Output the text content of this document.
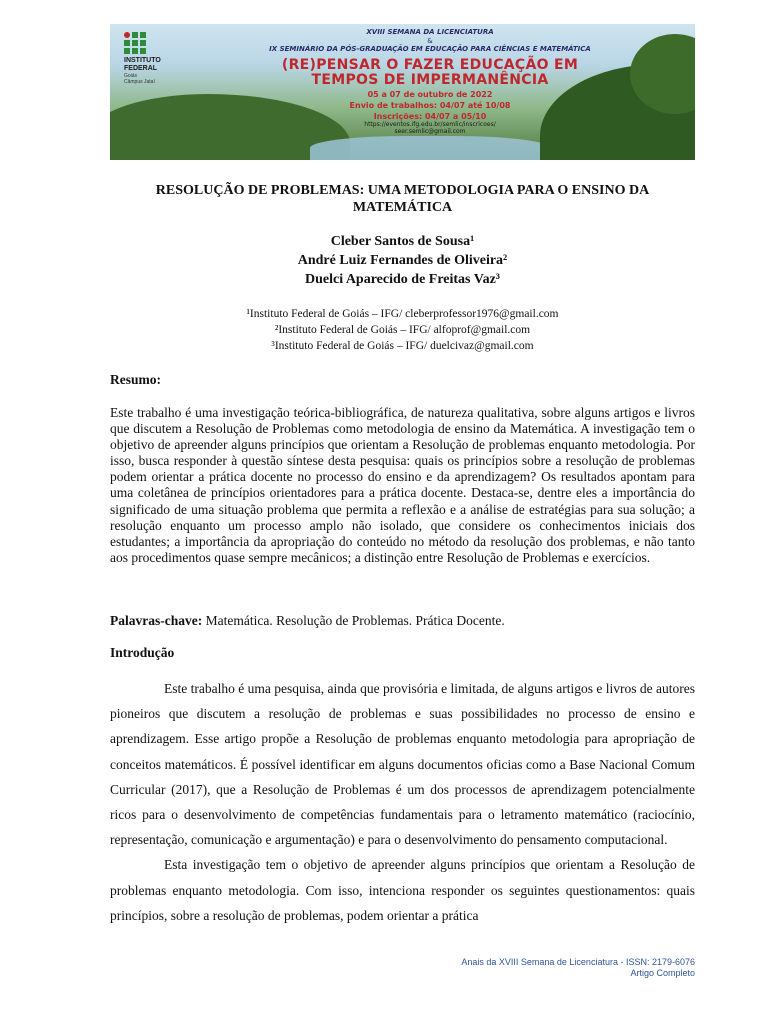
INSTITUTO FEDERAL
Goiás
Câmpus Jataí
XVIII SEMANA DA LICENCIATURA
&
IX SEMINÁRIO DA PÓS-GRADUAÇÃO EM EDUCAÇÃO PARA CIÊNCIAS E MATEMÁTICA
(RE)PENSAR O FAZER EDUCAÇÃO EM
TEMPOS DE IMPERMANÊNCIA
05 a 07 de outubro de 2022
Envio de trabalhos: 04/07 até 10/08
Inscrições: 04/07 a 05/10
https://eventos.ifg.edu.br/semlic/inscricoes/
seer.semlic@gmail.com
RESOLUÇÃO DE PROBLEMAS: UMA METODOLOGIA PARA O ENSINO DA
MATEMÁTICA
Cleber Santos de Sousa¹
André Luiz Fernandes de Oliveira²
Duelci Aparecido de Freitas Vaz³
¹Instituto Federal de Goiás – IFG/ cleberprofessor1976@gmail.com
²Instituto Federal de Goiás – IFG/ alfoprof@gmail.com
³Instituto Federal de Goiás – IFG/ duelcivaz@gmail.com
Resumo:
Este trabalho é uma investigação teórica-bibliográfica, de natureza qualitativa, sobre alguns artigos e livros que discutem a Resolução de Problemas como metodologia de ensino da Matemática. A investigação tem o objetivo de apreender alguns princípios que orientam a Resolução de problemas enquanto metodologia. Por isso, busca responder à questão síntese desta pesquisa: quais os princípios sobre a resolução de problemas podem orientar a prática docente no processo do ensino e da aprendizagem? Os resultados apontam para uma coletânea de princípios orientadores para a prática docente. Destaca-se, dentre eles a importância do significado de uma situação problema que permita a reflexão e a análise de estratégias para sua solução; a resolução enquanto um processo amplo não isolado, que considere os conhecimentos iniciais dos estudantes; a importância da apropriação do conteúdo no método da resolução dos problemas, e não tanto aos procedimentos quase sempre mecânicos; a distinção entre Resolução de Problemas e exercícios.
Palavras-chave: Matemática. Resolução de Problemas. Prática Docente.
Introdução

Este trabalho é uma pesquisa, ainda que provisória e limitada, de alguns artigos e livros de autores pioneiros que discutem a resolução de problemas e suas possibilidades no processo de ensino e aprendizagem. Esse artigo propõe a Resolução de problemas enquanto metodologia para apropriação de conceitos matemáticos. É possível identificar em alguns documentos oficias como a Base Nacional Comum Curricular (2017), que a Resolução de Problemas é um dos processos de aprendizagem potencialmente ricos para o desenvolvimento de competências fundamentais para o letramento matemático (raciocínio, representação, comunicação e argumentação) e para o desenvolvimento do pensamento computacional.

Esta investigação tem o objetivo de apreender alguns princípios que orientam a Resolução de problemas enquanto metodologia. Com isso, intenciona responder os seguintes questionamentos: quais princípios, sobre a resolução de problemas, podem orientar a prática

Anais da XVIII Semana de Licenciatura - ISSN: 2179-6076
Artigo Completo
